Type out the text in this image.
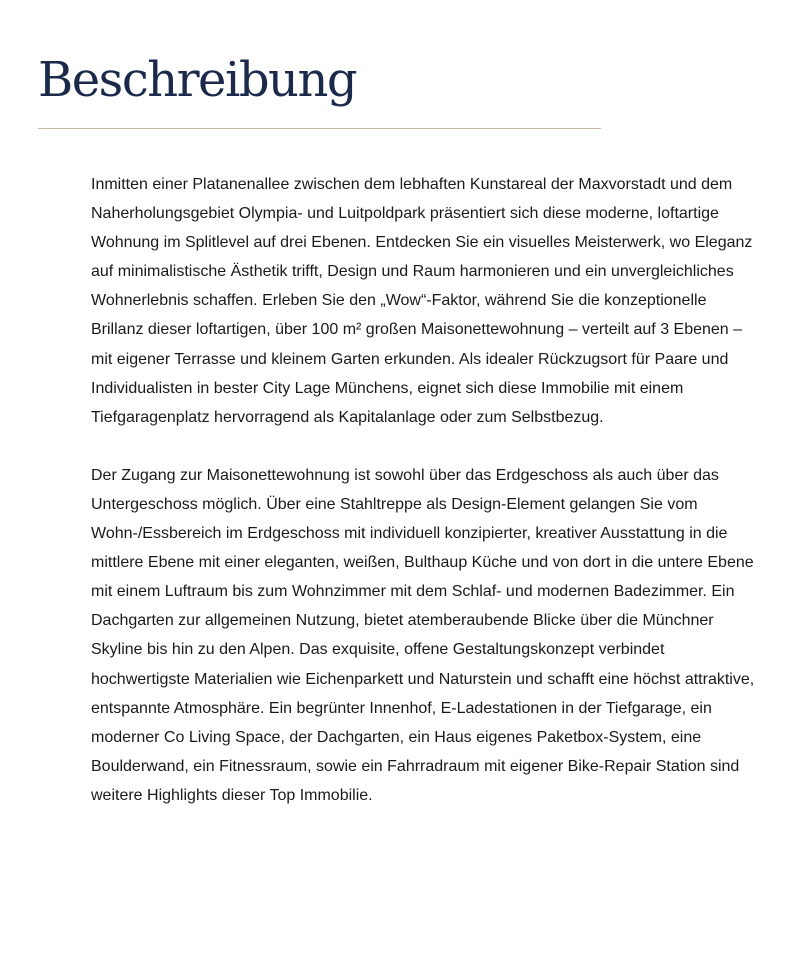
Beschreibung

Inmitten einer Platanenallee zwischen dem lebhaften Kunstareal der Maxvorstadt und dem Naherholungsgebiet Olympia- und Luitpoldpark präsentiert sich diese moderne, loftartige Wohnung im Splitlevel auf drei Ebenen. Entdecken Sie ein visuelles Meisterwerk, wo Eleganz auf minimalistische Ästhetik trifft, Design und Raum harmonieren und ein unvergleichliches Wohnerlebnis schaffen. Erleben Sie den „Wow“-Faktor, während Sie die konzeptionelle Brillanz dieser loftartigen, über 100 m² großen Maisonettewohnung – verteilt auf 3 Ebenen – mit eigener Terrasse und kleinem Garten erkunden. Als idealer Rückzugsort für Paare und Individualisten in bester City Lage Münchens, eignet sich diese Immobilie mit einem Tiefgaragenplatz hervorragend als Kapitalanlage oder zum Selbstbezug.

Der Zugang zur Maisonettewohnung ist sowohl über das Erdgeschoss als auch über das Untergeschoss möglich. Über eine Stahltreppe als Design-Element gelangen Sie vom Wohn-/Essbereich im Erdgeschoss mit individuell konzipierter, kreativer Ausstattung in die mittlere Ebene mit einer eleganten, weißen, Bulthaup Küche und von dort in die untere Ebene mit einem Luftraum bis zum Wohnzimmer mit dem Schlaf- und modernen Badezimmer. Ein Dachgarten zur allgemeinen Nutzung, bietet atemberaubende Blicke über die Münchner Skyline bis hin zu den Alpen. Das exquisite, offene Gestaltungskonzept verbindet hochwertigste Materialien wie Eichenparkett und Naturstein und schafft eine höchst attraktive, entspannte Atmosphäre. Ein begrünter Innenhof, E-Ladestationen in der Tiefgarage, ein moderner Co Living Space, der Dachgarten, ein Haus eigenes Paketbox-System, eine Boulderwand, ein Fitnessraum, sowie ein Fahrradraum mit eigener Bike-Repair Station sind weitere Highlights dieser Top Immobilie.
